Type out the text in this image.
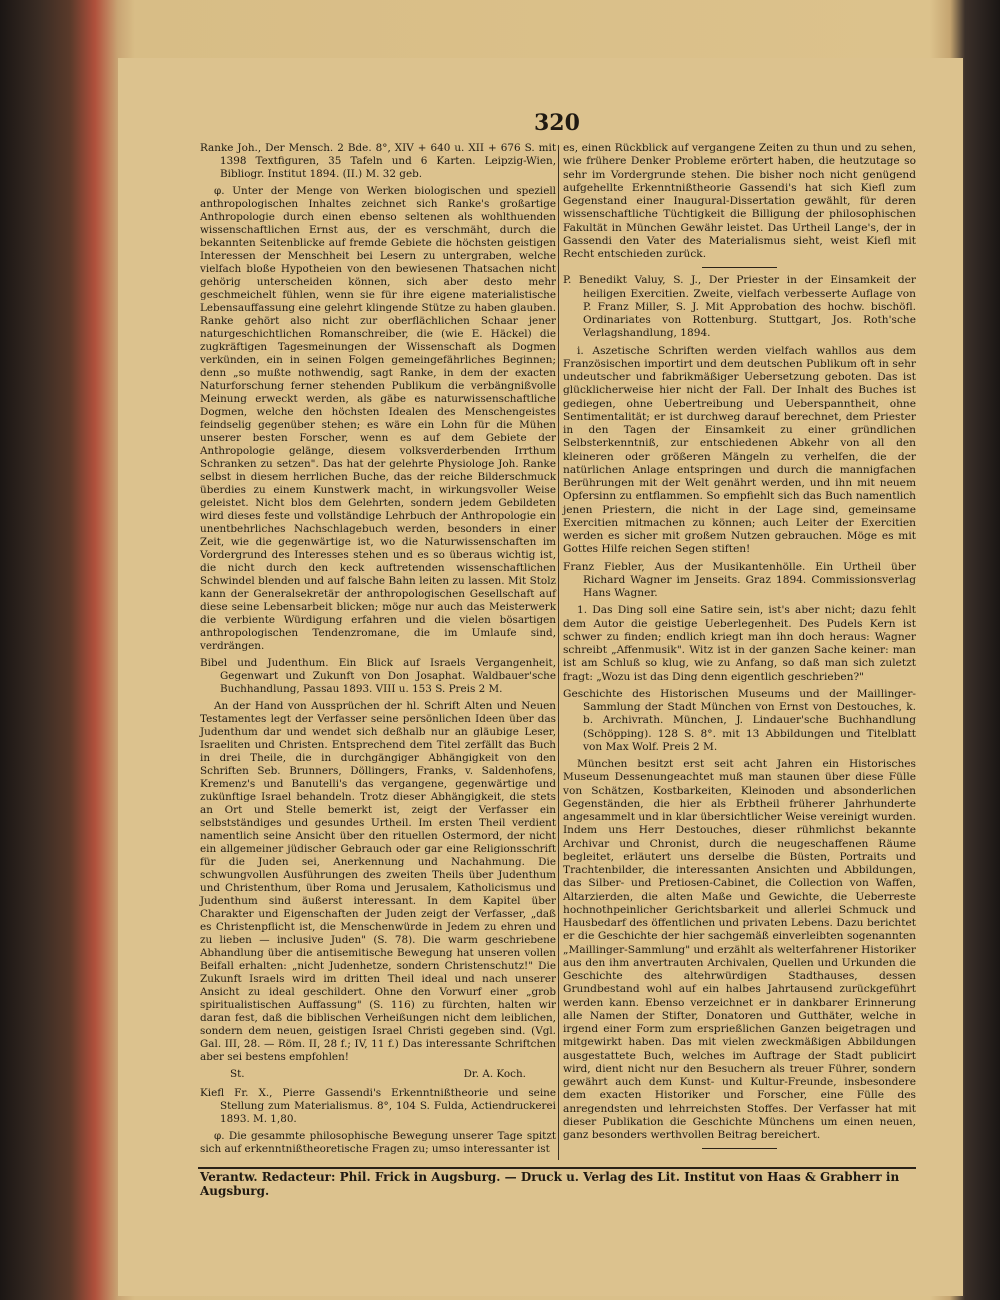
320

Ranke Joh., Der Mensch. 2 Bde. 8°, XIV + 640 u. XII + 676 S. mit 1398 Textfiguren, 35 Tafeln und 6 Karten. Leipzig-Wien, Bibliogr. Institut 1894. (II.) M. 32 geb.

φ. Unter der Menge von Werken biologischen und speziell anthropologischen Inhaltes zeichnet sich Ranke's großartige Anthropologie durch einen ebenso seltenen als wohlthuenden wissenschaftlichen Ernst aus, der es verschmäht, durch die bekannten Seitenblicke auf fremde Gebiete die höchsten geistigen Interessen der Menschheit bei Lesern zu untergraben, welche vielfach bloße Hypotheien von den bewiesenen Thatsachen nicht gehörig unterscheiden können, sich aber desto mehr geschmeichelt fühlen, wenn sie für ihre eigene materialistische Lebensauffassung eine gelehrt klingende Stütze zu haben glauben. Ranke gehört also nicht zur oberflächlichen Schaar jener naturgeschichtlichen Romanschreiber, die (wie E. Häckel) die zugkräftigen Tagesmeinungen der Wissenschaft als Dogmen verkünden, ein in seinen Folgen gemeingefährliches Beginnen; denn „so mußte nothwendig, sagt Ranke, in dem der exacten Naturforschung ferner stehenden Publikum die verbängnißvolle Meinung erweckt werden, als gäbe es naturwissenschaftliche Dogmen, welche den höchsten Idealen des Menschengeistes feindselig gegenüber stehen; es wäre ein Lohn für die Mühen unserer besten Forscher, wenn es auf dem Gebiete der Anthropologie gelänge, diesem volksverderbenden Irrthum Schranken zu setzen". Das hat der gelehrte Physiologe Joh. Ranke selbst in diesem herrlichen Buche, das der reiche Bilderschmuck überdies zu einem Kunstwerk macht, in wirkungsvoller Weise geleistet. Nicht blos dem Gelehrten, sondern jedem Gebildeten wird dieses feste und vollständige Lehrbuch der Anthropologie ein unentbehrliches Nachschlagebuch werden, besonders in einer Zeit, wie die gegenwärtige ist, wo die Naturwissenschaften im Vordergrund des Interesses stehen und es so überaus wichtig ist, die nicht durch den keck auftretenden wissenschaftlichen Schwindel blenden und auf falsche Bahn leiten zu lassen. Mit Stolz kann der Generalsekretär der anthropologischen Gesellschaft auf diese seine Lebensarbeit blicken; möge nur auch das Meisterwerk die verbiente Würdigung erfahren und die vielen bösartigen anthropologischen Tendenzromane, die im Umlaufe sind, verdrängen.

Bibel und Judenthum. Ein Blick auf Israels Vergangenheit, Gegenwart und Zukunft von Don Josaphat. Waldbauer'sche Buchhandlung, Passau 1893. VIII u. 153 S. Preis 2 M.

An der Hand von Aussprüchen der hl. Schrift Alten und Neuen Testamentes legt der Verfasser seine persönlichen Ideen über das Judenthum dar und wendet sich deßhalb nur an gläubige Leser, Israeliten und Christen. Entsprechend dem Titel zerfällt das Buch in drei Theile, die in durchgängiger Abhängigkeit von den Schriften Seb. Brunners, Döllingers, Franks, v. Saldenhofens, Kremenz's und Banutelli's das vergangene, gegenwärtige und zukünftige Israel behandeln. Trotz dieser Abhängigkeit, die stets an Ort und Stelle bemerkt ist, zeigt der Verfasser ein selbstständiges und gesundes Urtheil. Im ersten Theil verdient namentlich seine Ansicht über den rituellen Ostermord, der nicht ein allgemeiner jüdischer Gebrauch oder gar eine Religionsschrift für die Juden sei, Anerkennung und Nachahmung. Die schwungvollen Ausführungen des zweiten Theils über Judenthum und Christenthum, über Roma und Jerusalem, Katholicismus und Judenthum sind äußerst interessant. In dem Kapitel über Charakter und Eigenschaften der Juden zeigt der Verfasser, „daß es Christenpflicht ist, die Menschenwürde in Jedem zu ehren und zu lieben — inclusive Juden" (S. 78). Die warm geschriebene Abhandlung über die antisemitische Bewegung hat unseren vollen Beifall erhalten: „nicht Judenhetze, sondern Christenschutz!" Die Zukunft Israels wird im dritten Theil ideal und nach unserer Ansicht zu ideal geschildert. Ohne den Vorwurf einer „grob spiritualistischen Auffassung" (S. 116) zu fürchten, halten wir daran fest, daß die biblischen Verheißungen nicht dem leiblichen, sondern dem neuen, geistigen Israel Christi gegeben sind. (Vgl. Gal. III, 28. — Röm. II, 28 f.; IV, 11 f.) Das interessante Schriftchen aber sei bestens empfohlen!

St.	Dr. A. Koch.

Kiefl Fr. X., Pierre Gassendi's Erkenntnißtheorie und seine Stellung zum Materialismus. 8°, 104 S. Fulda, Actiendruckerei 1893. M. 1,80.

φ. Die gesammte philosophische Bewegung unserer Tage spitzt sich auf erkenntnißtheoretische Fragen zu; umso interessanter ist

es, einen Rückblick auf vergangene Zeiten zu thun und zu sehen, wie frühere Denker Probleme erörtert haben, die heutzutage so sehr im Vordergrunde stehen. Die bisher noch nicht genügend aufgehellte Erkenntnißtheorie Gassendi's hat sich Kiefl zum Gegenstand einer Inaugural-Dissertation gewählt, für deren wissenschaftliche Tüchtigkeit die Billigung der philosophischen Fakultät in München Gewähr leistet. Das Urtheil Lange's, der in Gassendi den Vater des Materialismus sieht, weist Kiefl mit Recht entschieden zurück.

P. Benedikt Valuy, S. J., Der Priester in der Einsamkeit der heiligen Exercitien. Zweite, vielfach verbesserte Auflage von P. Franz Miller, S. J. Mit Approbation des hochw. bischöfl. Ordinariates von Rottenburg. Stuttgart, Jos. Roth'sche Verlagshandlung, 1894.

i. Aszetische Schriften werden vielfach wahllos aus dem Französischen importirt und dem deutschen Publikum oft in sehr undeutscher und fabrikmäßiger Uebersetzung geboten. Das ist glücklicherweise hier nicht der Fall. Der Inhalt des Buches ist gediegen, ohne Uebertreibung und Ueberspanntheit, ohne Sentimentalität; er ist durchweg darauf berechnet, dem Priester in den Tagen der Einsamkeit zu einer gründlichen Selbsterkenntniß, zur entschiedenen Abkehr von all den kleineren oder größeren Mängeln zu verhelfen, die der natürlichen Anlage entspringen und durch die mannigfachen Berührungen mit der Welt genährt werden, und ihn mit neuem Opfersinn zu entflammen. So empfiehlt sich das Buch namentlich jenen Priestern, die nicht in der Lage sind, gemeinsame Exercitien mitmachen zu können; auch Leiter der Exercitien werden es sicher mit großem Nutzen gebrauchen. Möge es mit Gottes Hilfe reichen Segen stiften!

Franz Fiebler, Aus der Musikantenhölle. Ein Urtheil über Richard Wagner im Jenseits. Graz 1894. Commissionsverlag Hans Wagner.

1. Das Ding soll eine Satire sein, ist's aber nicht; dazu fehlt dem Autor die geistige Ueberlegenheit. Des Pudels Kern ist schwer zu finden; endlich kriegt man ihn doch heraus: Wagner schreibt „Affenmusik". Witz ist in der ganzen Sache keiner: man ist am Schluß so klug, wie zu Anfang, so daß man sich zuletzt fragt: „Wozu ist das Ding denn eigentlich geschrieben?"

Geschichte des Historischen Museums und der Maillinger-Sammlung der Stadt München von Ernst von Destouches, k. b. Archivrath. München, J. Lindauer'sche Buchhandlung (Schöpping). 128 S. 8°. mit 13 Abbildungen und Titelblatt von Max Wolf. Preis 2 M.

München besitzt erst seit acht Jahren ein Historisches Museum Dessenungeachtet muß man staunen über diese Fülle von Schätzen, Kostbarkeiten, Kleinoden und absonderlichen Gegenständen, die hier als Erbtheil früherer Jahrhunderte angesammelt und in klar übersichtlicher Weise vereinigt wurden. Indem uns Herr Destouches, dieser rühmlichst bekannte Archivar und Chronist, durch die neugeschaffenen Räume begleitet, erläutert uns derselbe die Büsten, Portraits und Trachtenbilder, die interessanten Ansichten und Abbildungen, das Silber- und Pretiosen-Cabinet, die Collection von Waffen, Altarzierden, die alten Maße und Gewichte, die Ueberreste hochnothpeinlicher Gerichtsbarkeit und allerlei Schmuck und Hausbedarf des öffentlichen und privaten Lebens. Dazu berichtet er die Geschichte der hier sachgemäß einverleibten sogenannten „Maillinger-Sammlung" und erzählt als welterfahrener Historiker aus den ihm anvertrauten Archivalen, Quellen und Urkunden die Geschichte des altehrwürdigen Stadthauses, dessen Grundbestand wohl auf ein halbes Jahrtausend zurückgeführt werden kann. Ebenso verzeichnet er in dankbarer Erinnerung alle Namen der Stifter, Donatoren und Gutthäter, welche in irgend einer Form zum ersprießlichen Ganzen beigetragen und mitgewirkt haben. Das mit vielen zweckmäßigen Abbildungen ausgestattete Buch, welches im Auftrage der Stadt publicirt wird, dient nicht nur den Besuchern als treuer Führer, sondern gewährt auch dem Kunst- und Kultur-Freunde, insbesondere dem exacten Historiker und Forscher, eine Fülle des anregendsten und lehrreichsten Stoffes. Der Verfasser hat mit dieser Publikation die Geschichte Münchens um einen neuen, ganz besonders werthvollen Beitrag bereichert.

Verantw. Redacteur: Phil. Frick in Augsburg. — Druck u. Verlag des Lit. Institut von Haas & Grabherr in Augsburg.
